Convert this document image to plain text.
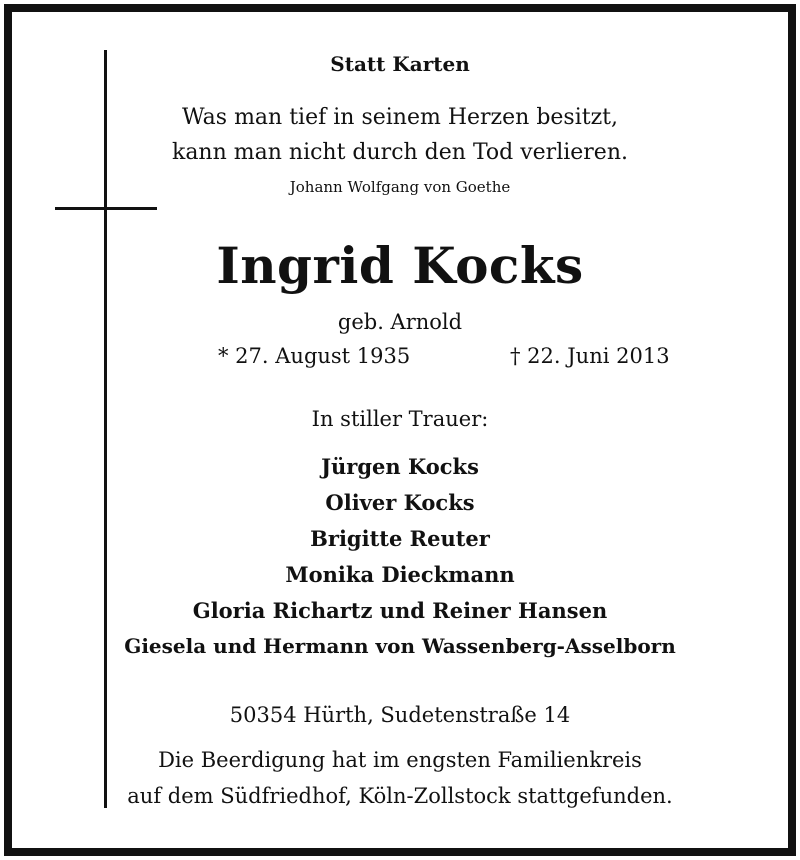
Statt Karten

Was man tief in seinem Herzen besitzt,

kann man nicht durch den Tod verlieren.

Johann Wolfgang von Goethe

Ingrid Kocks

geb. Arnold

* 27. August 1935	† 22. Juni 2013

In stiller Trauer:

Jürgen Kocks

Oliver Kocks

Brigitte Reuter

Monika Dieckmann

Gloria Richartz und Reiner Hansen

Giesela und Hermann von Wassenberg-Asselborn

50354 Hürth, Sudetenstraße 14

Die Beerdigung hat im engsten Familienkreis

auf dem Südfriedhof, Köln-Zollstock stattgefunden.
